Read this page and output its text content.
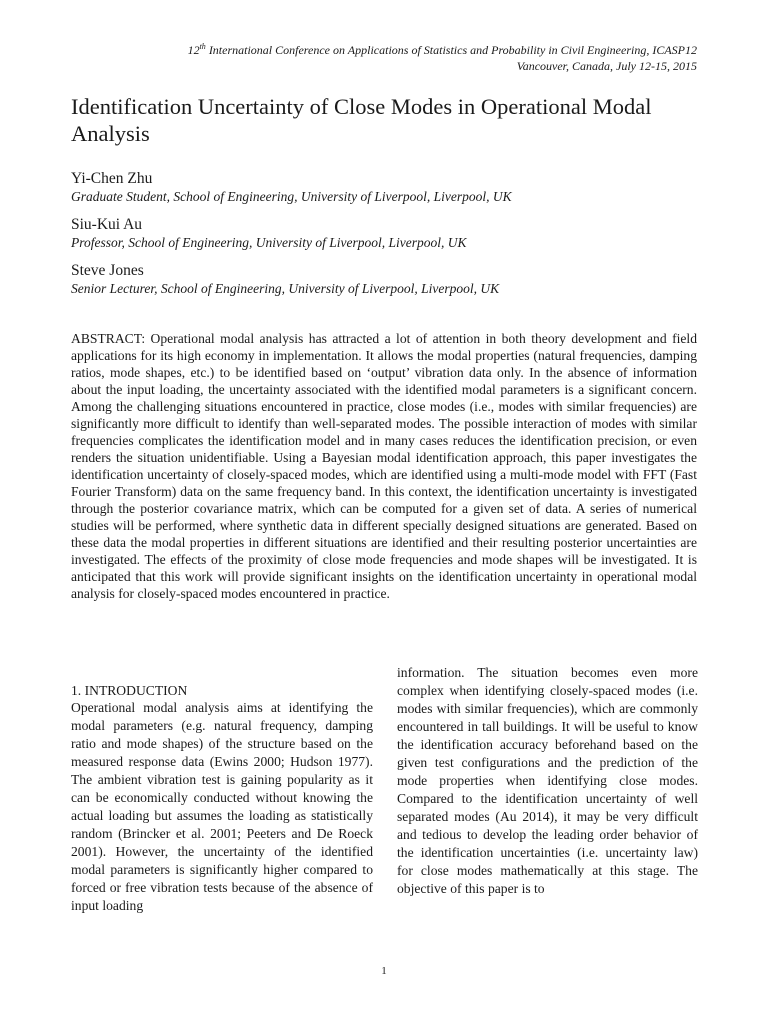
12th International Conference on Applications of Statistics and Probability in Civil Engineering, ICASP12
Vancouver, Canada, July 12-15, 2015
Identification Uncertainty of Close Modes in Operational Modal Analysis
Yi-Chen Zhu
Graduate Student, School of Engineering, University of Liverpool, Liverpool, UK
Siu-Kui Au
Professor, School of Engineering, University of Liverpool, Liverpool, UK
Steve Jones
Senior Lecturer, School of Engineering, University of Liverpool, Liverpool, UK

ABSTRACT: Operational modal analysis has attracted a lot of attention in both theory development and field applications for its high economy in implementation. It allows the modal properties (natural frequencies, damping ratios, mode shapes, etc.) to be identified based on ‘output’ vibration data only. In the absence of information about the input loading, the uncertainty associated with the identified modal parameters is a significant concern. Among the challenging situations encountered in practice, close modes (i.e., modes with similar frequencies) are significantly more difficult to identify than well-separated modes. The possible interaction of modes with similar frequencies complicates the identification model and in many cases reduces the identification precision, or even renders the situation unidentifiable. Using a Bayesian modal identification approach, this paper investigates the identification uncertainty of closely-spaced modes, which are identified using a multi-mode model with FFT (Fast Fourier Transform) data on the same frequency band. In this context, the identification uncertainty is investigated through the posterior covariance matrix, which can be computed for a given set of data. A series of numerical studies will be performed, where synthetic data in different specially designed situations are generated. Based on these data the modal properties in different situations are identified and their resulting posterior uncertainties are investigated. The effects of the proximity of close mode frequencies and mode shapes will be investigated. It is anticipated that this work will provide significant insights on the identification uncertainty in operational modal analysis for closely-spaced modes encountered in practice.

1. INTRODUCTION

Operational modal analysis aims at identifying the modal parameters (e.g. natural frequency, damping ratio and mode shapes) of the structure based on the measured response data (Ewins 2000; Hudson 1977). The ambient vibration test is gaining popularity as it can be economically conducted without knowing the actual loading but assumes the loading as statistically random (Brincker et al. 2001; Peeters and De Roeck 2001). However, the uncertainty of the identified modal parameters is significantly higher compared to forced or free vibration tests because of the absence of input loading

information. The situation becomes even more complex when identifying closely-spaced modes (i.e. modes with similar frequencies), which are commonly encountered in tall buildings. It will be useful to know the identification accuracy beforehand based on the given test configurations and the prediction of the mode properties when identifying close modes. Compared to the identification uncertainty of well separated modes (Au 2014), it may be very difficult and tedious to develop the leading order behavior of the identification uncertainties (i.e. uncertainty law) for close modes mathematically at this stage. The objective of this paper is to

1
